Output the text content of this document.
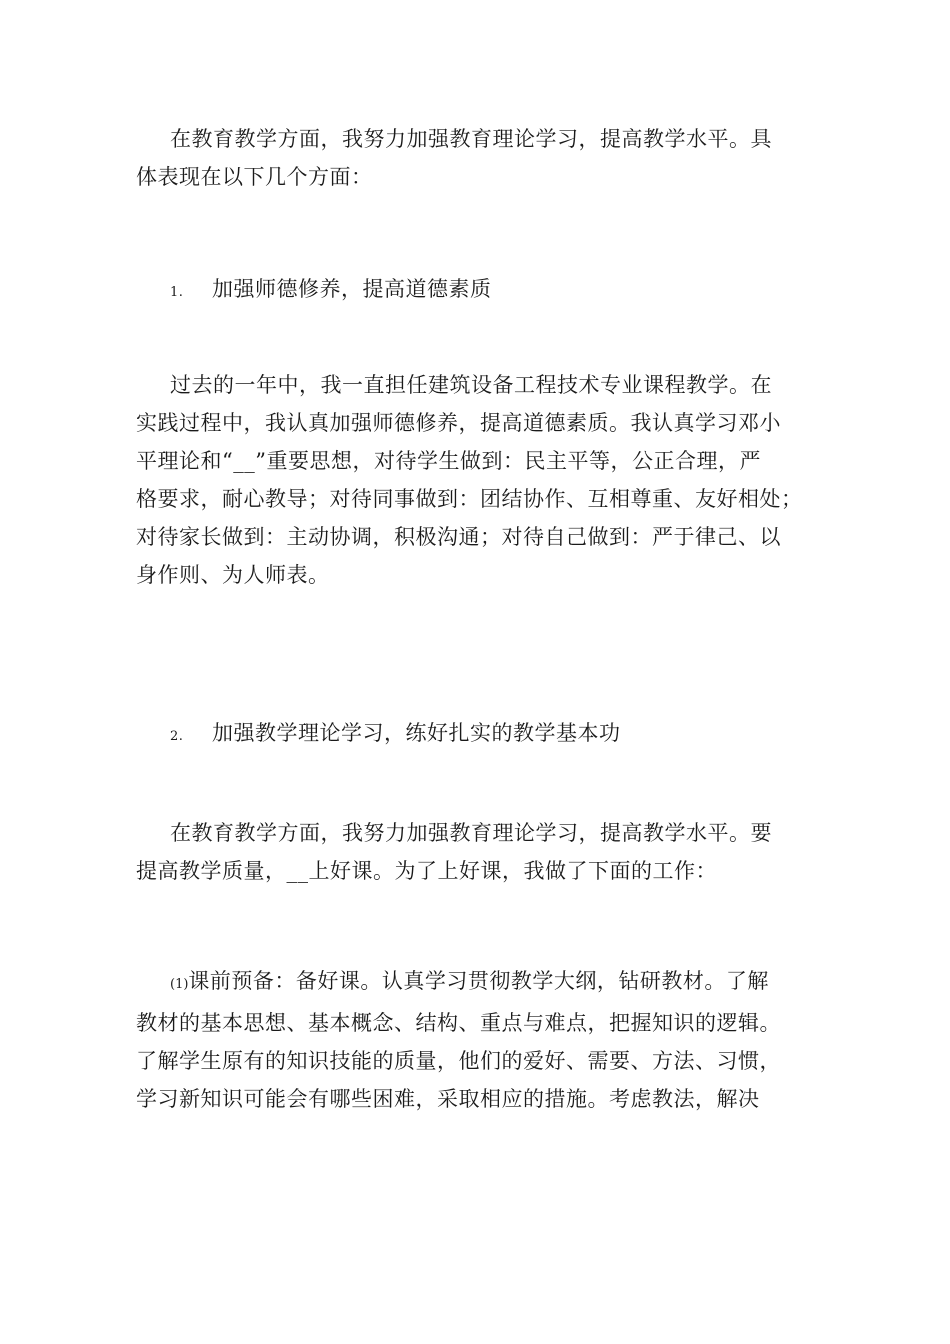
在教育教学方面，我努力加强教育理论学习，提高教学水平。具
体表现在以下几个方面：

1. 加强师德修养，提高道德素质

过去的一年中，我一直担任建筑设备工程技术专业课程教学。在
实践过程中，我认真加强师德修养，提高道德素质。我认真学习邓小
平理论和“__”重要思想，对待学生做到：民主平等，公正合理，严
格要求，耐心教导；对待同事做到：团结协作、互相尊重、友好相处；
对待家长做到：主动协调，积极沟通；对待自己做到：严于律己、以
身作则、为人师表。

2. 加强教学理论学习，练好扎实的教学基本功

在教育教学方面，我努力加强教育理论学习，提高教学水平。要
提高教学质量，__上好课。为了上好课，我做了下面的工作：

(1)课前预备：备好课。认真学习贯彻教学大纲，钻研教材。了解
教材的基本思想、基本概念、结构、重点与难点，把握知识的逻辑。
了解学生原有的知识技能的质量，他们的爱好、需要、方法、习惯，
学习新知识可能会有哪些困难，采取相应的措施。考虑教法，解决
